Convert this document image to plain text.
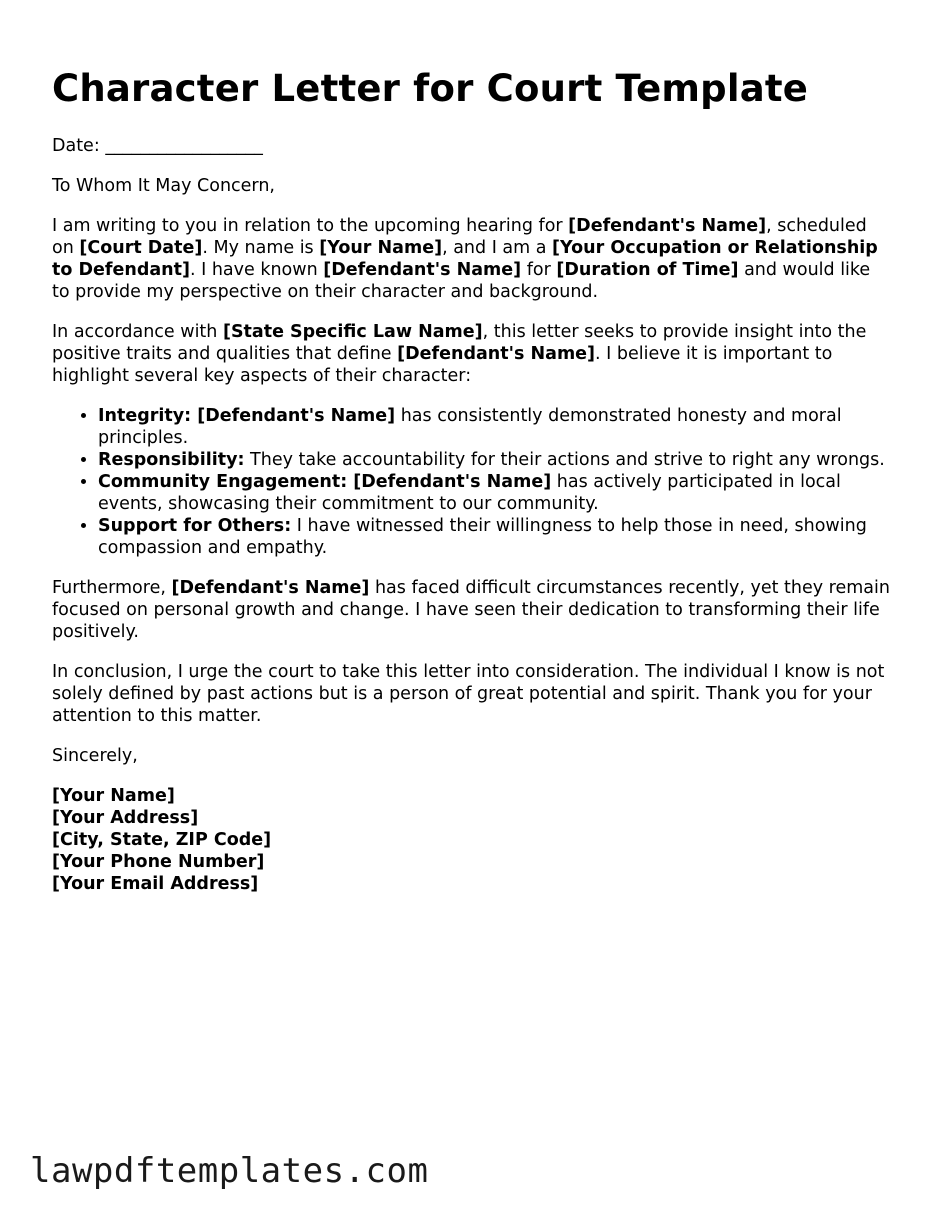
Character Letter for Court Template

Date: __________________

To Whom It May Concern,

I am writing to you in relation to the upcoming hearing for [Defendant's Name], scheduled on [Court Date]. My name is [Your Name], and I am a [Your Occupation or Relationship to Defendant]. I have known [Defendant's Name] for [Duration of Time] and would like to provide my perspective on their character and background.

In accordance with [State Specific Law Name], this letter seeks to provide insight into the positive traits and qualities that define [Defendant's Name]. I believe it is important to highlight several key aspects of their character:

• Integrity: [Defendant's Name] has consistently demonstrated honesty and moral principles.
• Responsibility: They take accountability for their actions and strive to right any wrongs.
• Community Engagement: [Defendant's Name] has actively participated in local events, showcasing their commitment to our community.
• Support for Others: I have witnessed their willingness to help those in need, showing compassion and empathy.

Furthermore, [Defendant's Name] has faced difficult circumstances recently, yet they remain focused on personal growth and change. I have seen their dedication to transforming their life positively.

In conclusion, I urge the court to take this letter into consideration. The individual I know is not solely defined by past actions but is a person of great potential and spirit. Thank you for your attention to this matter.

Sincerely,

[Your Name]
[Your Address]
[City, State, ZIP Code]
[Your Phone Number]
[Your Email Address]
lawpdftemplates.com
